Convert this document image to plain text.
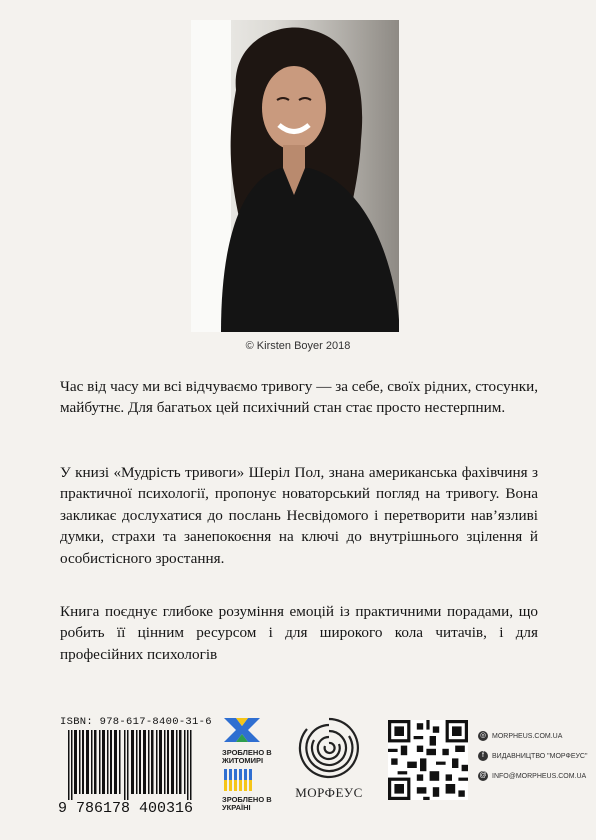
© Kirsten Boyer 2018

Час від часу ми всі відчуваємо тривогу — за себе, своїх рідних, стосунки, майбутнє. Для багатьох цей психічний стан стає просто нестерпним.

У книзі «Мудрість тривоги» Шеріл Пол, знана американська фахівчиня з практичної психології, пропонує новаторський погляд на тривогу. Вона закликає дослухатися до послань Несвідомого і перетворити нав’язливі думки, страхи та занепокоєння на ключі до внутрішнього зцілення й особистісного зростання.

Книга поєднує глибоке розуміння емоцій із практичними порадами, що робить її цінним ресурсом і для широкого кола читачів, і для професійних психологів

ISBN: 978-617-8400-31-6
9 786178 400316
ЗРОБЛЕНО В ЖИТОМИРІ
ЗРОБЛЕНО В УКРАЇНІ
МОРФЕУС
◎ MORPHEUS.COM.UA
f	ВИДАВНИЦТВО "МОРФЕУС"
@ INFO@MORPHEUS.COM.UA
